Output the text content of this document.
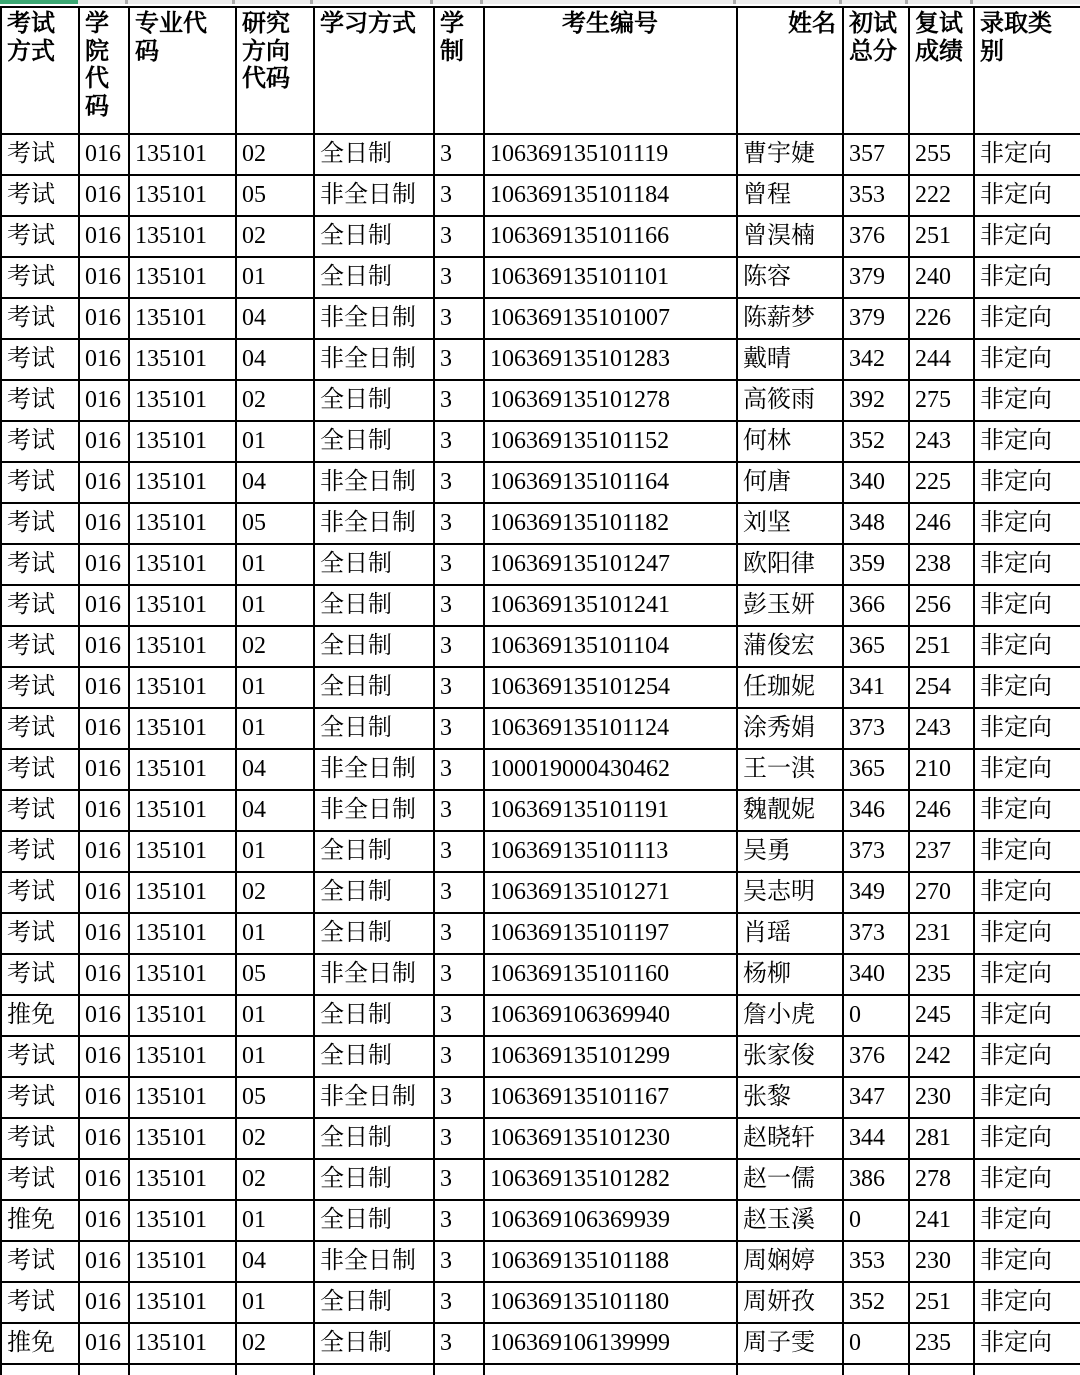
考试方式	学院代码	专业代码	研究方向代码	学习方式	学制	考生编号	姓名	初试总分	复试成绩	录取类别
考试	016	135101	02	全日制	3	106369135101119	曹宇婕	357	255	非定向
考试	016	135101	05	非全日制	3	106369135101184	曾程	353	222	非定向
考试	016	135101	02	全日制	3	106369135101166	曾淏楠	376	251	非定向
考试	016	135101	01	全日制	3	106369135101101	陈容	379	240	非定向
考试	016	135101	04	非全日制	3	106369135101007	陈薪梦	379	226	非定向
考试	016	135101	04	非全日制	3	106369135101283	戴晴	342	244	非定向
考试	016	135101	02	全日制	3	106369135101278	高筱雨	392	275	非定向
考试	016	135101	01	全日制	3	106369135101152	何林	352	243	非定向
考试	016	135101	04	非全日制	3	106369135101164	何唐	340	225	非定向
考试	016	135101	05	非全日制	3	106369135101182	刘坚	348	246	非定向
考试	016	135101	01	全日制	3	106369135101247	欧阳律	359	238	非定向
考试	016	135101	01	全日制	3	106369135101241	彭玉妍	366	256	非定向
考试	016	135101	02	全日制	3	106369135101104	蒲俊宏	365	251	非定向
考试	016	135101	01	全日制	3	106369135101254	任珈妮	341	254	非定向
考试	016	135101	01	全日制	3	106369135101124	涂秀娟	373	243	非定向
考试	016	135101	04	非全日制	3	100019000430462	王一淇	365	210	非定向
考试	016	135101	04	非全日制	3	106369135101191	魏靓妮	346	246	非定向
考试	016	135101	01	全日制	3	106369135101113	吴勇	373	237	非定向
考试	016	135101	02	全日制	3	106369135101271	吴志明	349	270	非定向
考试	016	135101	01	全日制	3	106369135101197	肖瑶	373	231	非定向
考试	016	135101	05	非全日制	3	106369135101160	杨柳	340	235	非定向
推免	016	135101	01	全日制	3	106369106369940	詹小虎	0	245	非定向
考试	016	135101	01	全日制	3	106369135101299	张家俊	376	242	非定向
考试	016	135101	05	非全日制	3	106369135101167	张黎	347	230	非定向
考试	016	135101	02	全日制	3	106369135101230	赵晓轩	344	281	非定向
考试	016	135101	02	全日制	3	106369135101282	赵一儒	386	278	非定向
推免	016	135101	01	全日制	3	106369106369939	赵玉溪	0	241	非定向
考试	016	135101	04	非全日制	3	106369135101188	周娴婷	353	230	非定向
考试	016	135101	01	全日制	3	106369135101180	周妍孜	352	251	非定向
推免	016	135101	02	全日制	3	106369106139999	周子雯	0	235	非定向
